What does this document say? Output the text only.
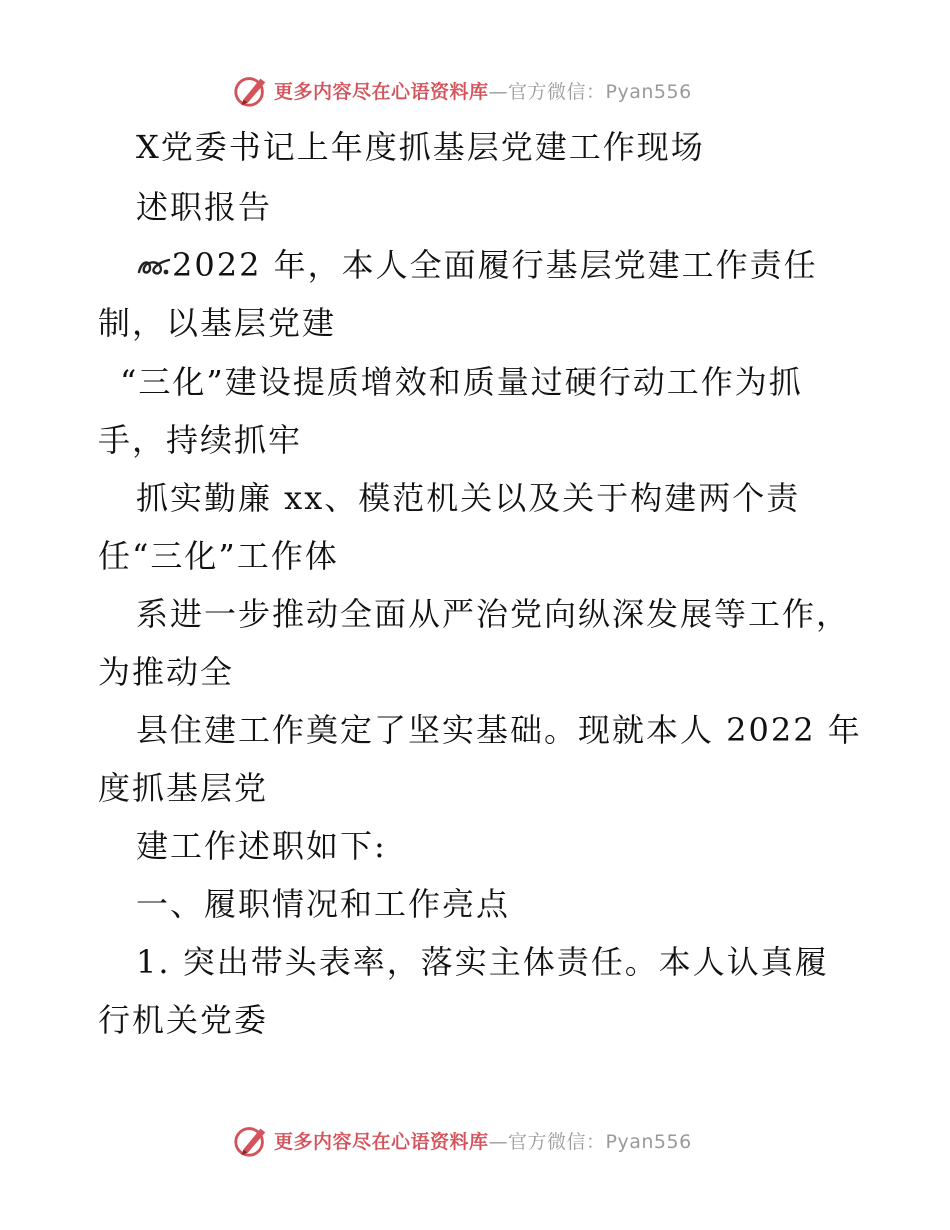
更多内容尽在心语资料库 —官方微信：Pyan556
X党委书记上年度抓基层党建工作现场
述职报告
2022 年，本人全面履行基层党建工作责任
制，以基层党建
“三化”建设提质增效和质量过硬行动工作为抓
手，持续抓牢
抓实勤廉 xx、模范机关以及关于构建两个责
任“三化”工作体
系进一步推动全面从严治党向纵深发展等工作，
为推动全
县住建工作奠定了坚实基础。现就本人 2022 年
度抓基层党
建工作述职如下:
一、履职情况和工作亮点
1. 突出带头表率，落实主体责任。本人认真履
行机关党委
更多内容尽在心语资料库 —官方微信：Pyan556
